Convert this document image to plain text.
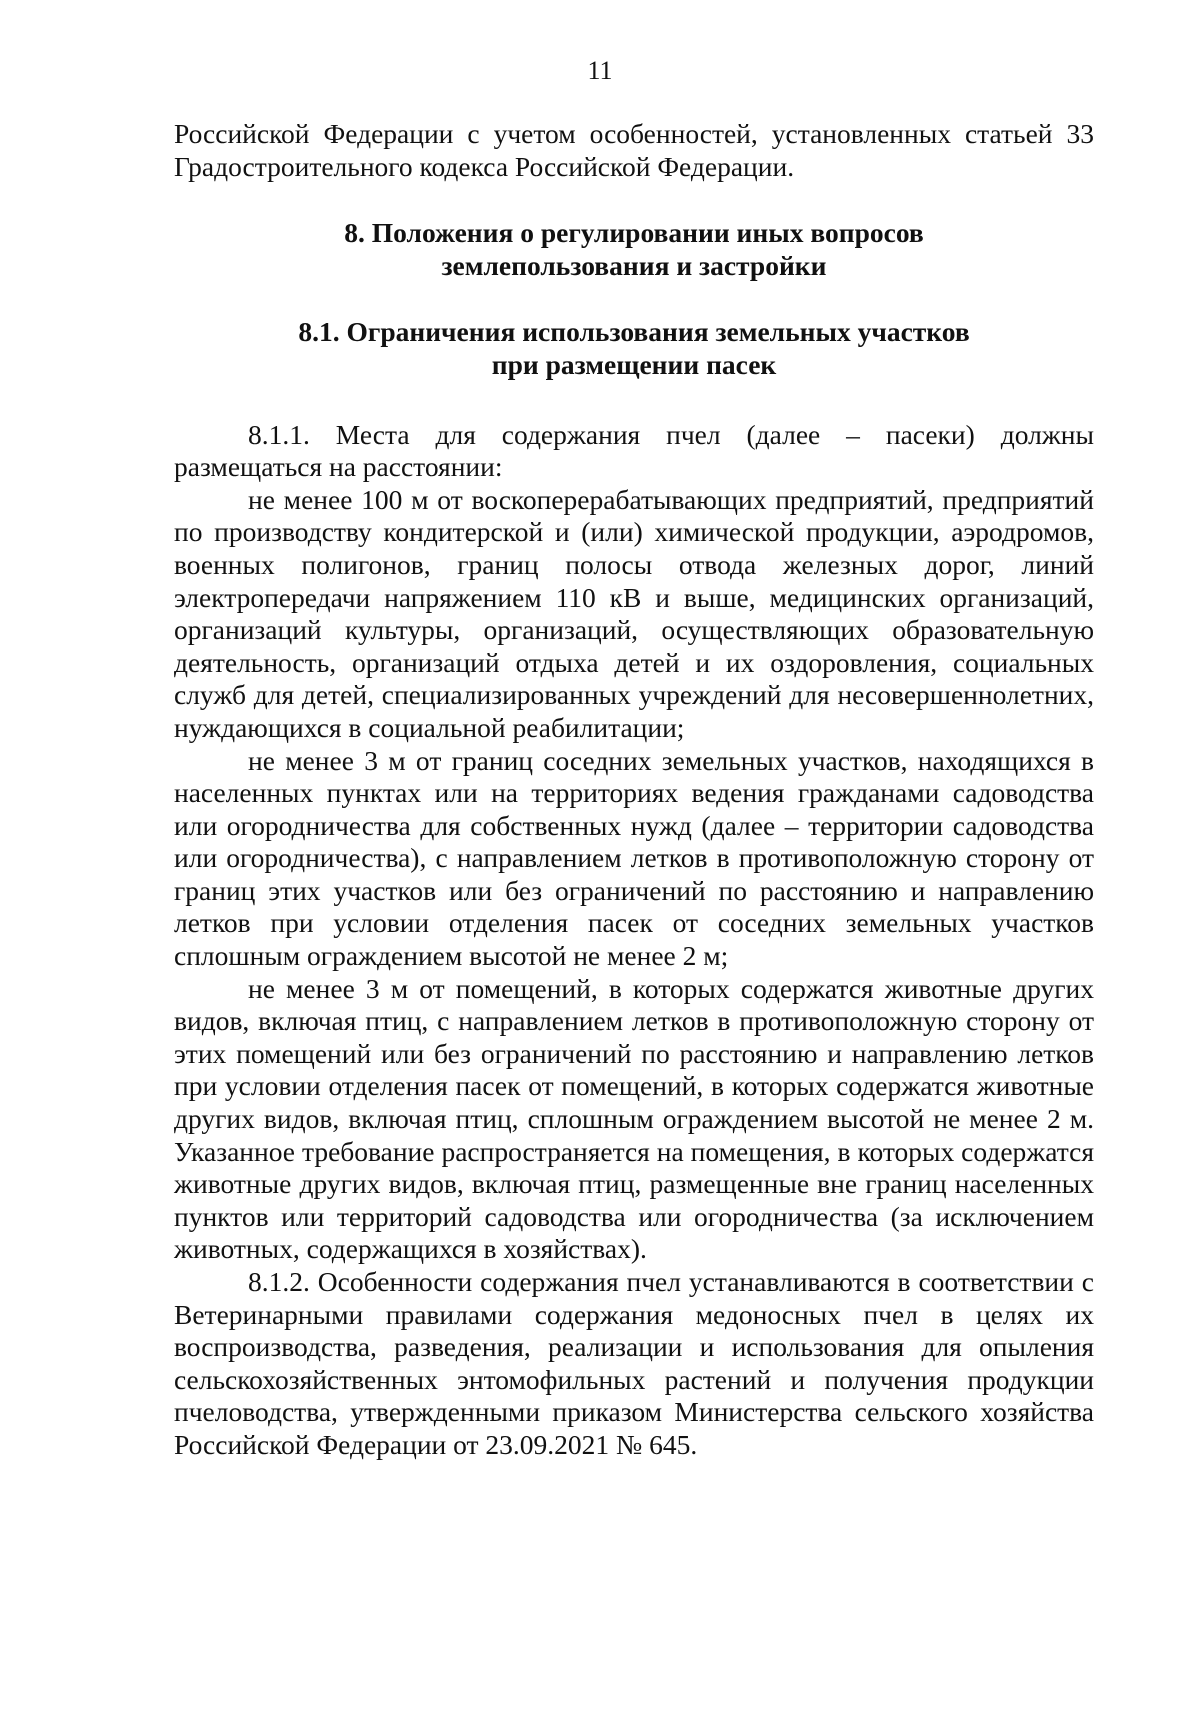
11

Российской Федерации с учетом особенностей, установленных статьей 33 Градостроительного кодекса Российской Федерации.

8. Положения о регулировании иных вопросов
землепользования и застройки
8.1. Ограничения использования земельных участков
при размещении пасек

8.1.1. Места для содержания пчел (далее – пасеки) должны размещаться на расстоянии:

не менее 100 м от воскоперерабатывающих предприятий, предприятий по производству кондитерской и (или) химической продукции, аэродромов, военных полигонов, границ полосы отвода железных дорог, линий электропередачи напряжением 110 кВ и выше, медицинских организаций, организаций культуры, организаций, осуществляющих образовательную деятельность, организаций отдыха детей и их оздоровления, социальных служб для детей, специализированных учреждений для несовершеннолетних, нуждающихся в социальной реабилитации;

не менее 3 м от границ соседних земельных участков, находящихся в населенных пунктах или на территориях ведения гражданами садоводства или огородничества для собственных нужд (далее – территории садоводства или огородничества), с направлением летков в противоположную сторону от границ этих участков или без ограничений по расстоянию и направлению летков при условии отделения пасек от соседних земельных участков сплошным ограждением высотой не менее 2 м;

не менее 3 м от помещений, в которых содержатся животные других видов, включая птиц, с направлением летков в противоположную сторону от этих помещений или без ограничений по расстоянию и направлению летков при условии отделения пасек от помещений, в которых содержатся животные других видов, включая птиц, сплошным ограждением высотой не менее 2 м. Указанное требование распространяется на помещения, в которых содержатся животные других видов, включая птиц, размещенные вне границ населенных пунктов или территорий садоводства или огородничества (за исключением животных, содержащихся в хозяйствах).

8.1.2. Особенности содержания пчел устанавливаются в соответствии с Ветеринарными правилами содержания медоносных пчел в целях их воспроизводства, разведения, реализации и использования для опыления сельскохозяйственных энтомофильных растений и получения продукции пчеловодства, утвержденными приказом Министерства сельского хозяйства Российской Федерации от 23.09.2021 № 645.
